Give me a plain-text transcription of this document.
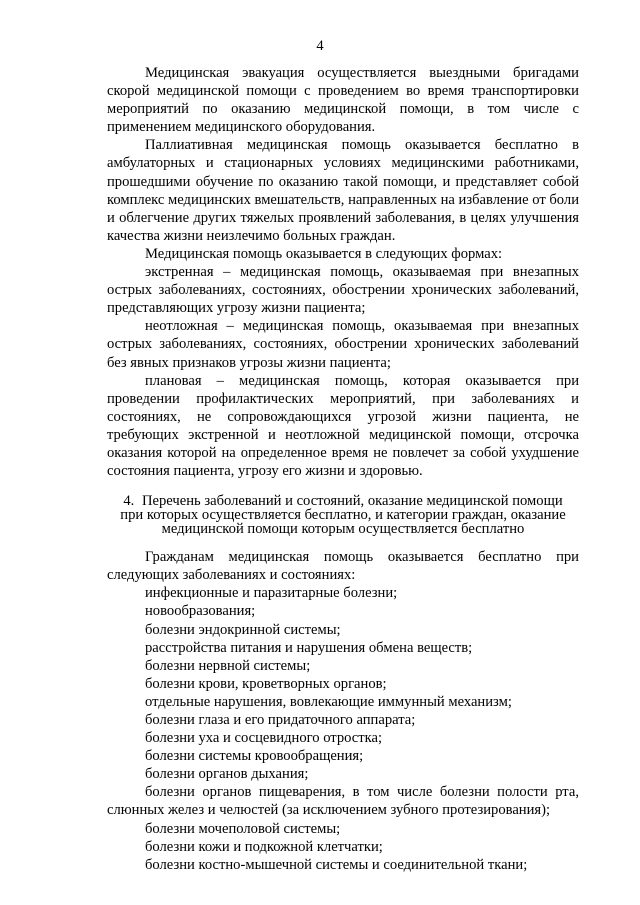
4

Медицинская эвакуация осуществляется выездными бригадами скорой медицинской помощи с проведением во время транспортировки мероприятий по оказанию медицинской помощи, в том числе с применением медицинского оборудования.

Паллиативная медицинская помощь оказывается бесплатно в амбулаторных и стационарных условиях медицинскими работниками, прошедшими обучение по оказанию такой помощи, и представляет собой комплекс медицинских вмешательств, направленных на избавление от боли и облегчение других тяжелых проявлений заболевания, в целях улучшения качества жизни неизлечимо больных граждан.

Медицинская помощь оказывается в следующих формах:

экстренная – медицинская помощь, оказываемая при внезапных острых заболеваниях, состояниях, обострении хронических заболеваний, представляющих угрозу жизни пациента;

неотложная – медицинская помощь, оказываемая при внезапных острых заболеваниях, состояниях, обострении хронических заболеваний без явных признаков угрозы жизни пациента;

плановая – медицинская помощь, которая оказывается при проведении профилактических мероприятий, при заболеваниях и состояниях, не сопровождающихся угрозой жизни пациента, не требующих экстренной и неотложной медицинской помощи, отсрочка оказания которой на определенное время не повлечет за собой ухудшение состояния пациента, угрозу его жизни и здоровью.

4. Перечень заболеваний и состояний, оказание медицинской помощи при которых осуществляется бесплатно, и категории граждан, оказание медицинской помощи которым осуществляется бесплатно

Гражданам медицинская помощь оказывается бесплатно при следующих заболеваниях и состояниях:

инфекционные и паразитарные болезни;

новообразования;

болезни эндокринной системы;

расстройства питания и нарушения обмена веществ;

болезни нервной системы;

болезни крови, кроветворных органов;

отдельные нарушения, вовлекающие иммунный механизм;

болезни глаза и его придаточного аппарата;

болезни уха и сосцевидного отростка;

болезни системы кровообращения;

болезни органов дыхания;

болезни органов пищеварения, в том числе болезни полости рта, слюнных желез и челюстей (за исключением зубного протезирования);

болезни мочеполовой системы;

болезни кожи и подкожной клетчатки;

болезни костно-мышечной системы и соединительной ткани;
